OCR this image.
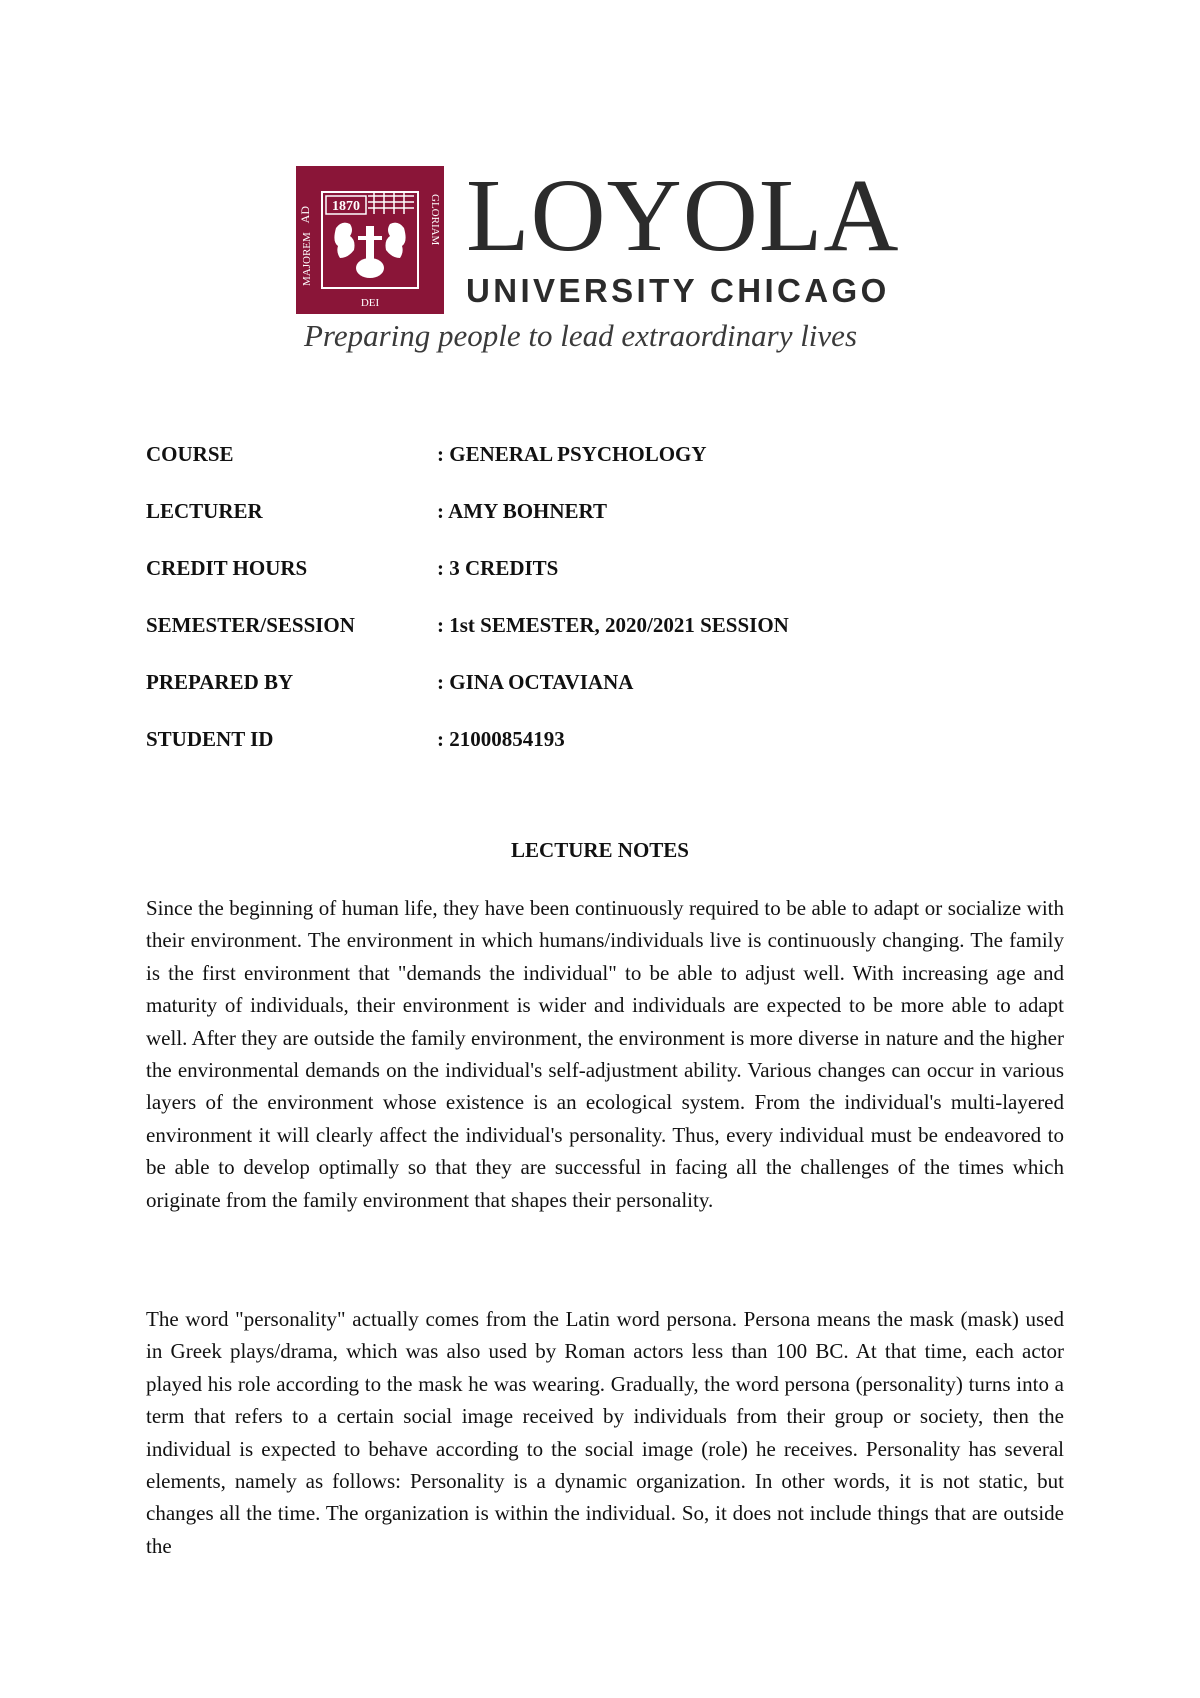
1870
AD
MAJOREM
DEI
GLORIAM LOYOLA
UNIVERSITY CHICAGO
Preparing people to lead extraordinary lives
COURSE	: GENERAL PSYCHOLOGY
LECTURER	: AMY BOHNERT
CREDIT HOURS	: 3 CREDITS
SEMESTER/SESSION	: 1st SEMESTER, 2020/2021 SESSION
PREPARED BY	: GINA OCTAVIANA
STUDENT ID	: 21000854193
LECTURE NOTES

Since the beginning of human life, they have been continuously required to be able to adapt or socialize with their environment. The environment in which humans/individuals live is continuously changing. The family is the first environment that "demands the individual" to be able to adjust well. With increasing age and maturity of individuals, their environment is wider and individuals are expected to be more able to adapt well. After they are outside the family environment, the environment is more diverse in nature and the higher the environmental demands on the individual's self-adjustment ability. Various changes can occur in various layers of the environment whose existence is an ecological system. From the individual's multi-layered environment it will clearly affect the individual's personality. Thus, every individual must be endeavored to be able to develop optimally so that they are successful in facing all the challenges of the times which originate from the family environment that shapes their personality.

The word "personality" actually comes from the Latin word persona. Persona means the mask (mask) used in Greek plays/drama, which was also used by Roman actors less than 100 BC. At that time, each actor played his role according to the mask he was wearing. Gradually, the word persona (personality) turns into a term that refers to a certain social image received by individuals from their group or society, then the individual is expected to behave according to the social image (role) he receives. Personality has several elements, namely as follows: Personality is a dynamic organization. In other words, it is not static, but changes all the time. The organization is within the individual. So, it does not include things that are outside the
